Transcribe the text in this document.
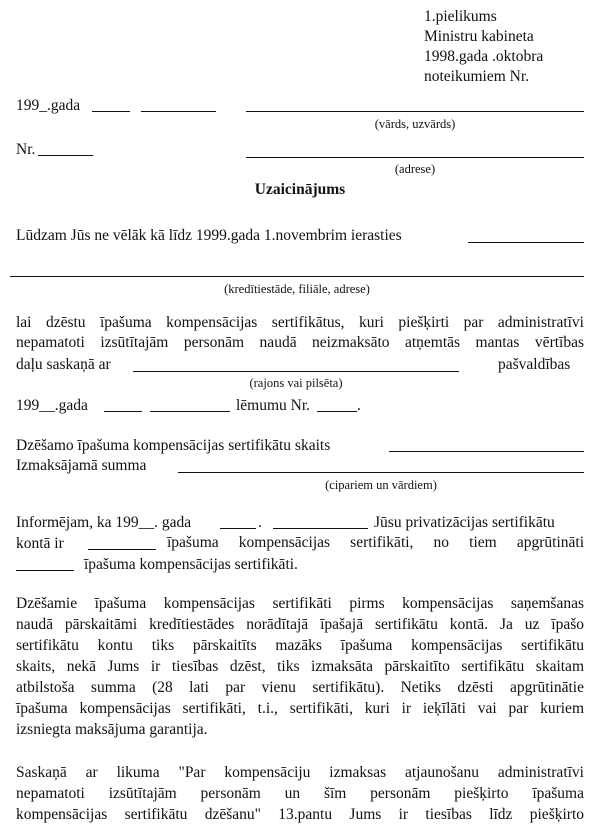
1.pielikums
Ministru kabineta
1998.gada .oktobra
noteikumiem Nr.
199_.gada
(vārds, uzvārds)
Nr.
(adrese)
Uzaicinājums
Lūdzam Jūs ne vēlāk kā līdz 1999.gada 1.novembrim ierasties
(kredītiestāde, filiāle, adrese)
lai dzēstu īpašuma kompensācijas sertifikātus, kuri piešķirti par administratīvi
nepamatoti izsūtītajām personām naudā neizmaksāto atņemtās mantas vērtības
daļu saskaņā ar	pašvaldības
(rajons vai pilsēta)
199__.gada	lēmumu Nr.	.
Dzēšamo īpašuma kompensācijas sertifikātu skaits
Izmaksājamā summa
(cipariem un vārdiem)
Informējam, ka 199__. gada	.	Jūsu privatizācijas sertifikātu
kontā ir	īpašuma kompensācijas sertifikāti, no tiem apgrūtināti
īpašuma kompensācijas sertifikāti.
Dzēšamie īpašuma kompensācijas sertifikāti pirms kompensācijas saņemšanas
naudā pārskaitāmi kredītiestādes norādītajā īpašajā sertifikātu kontā. Ja uz īpašo
sertifikātu kontu tiks pārskaitīts mazāks īpašuma kompensācijas sertifikātu
skaits, nekā Jums ir tiesības dzēst, tiks izmaksāta pārskaitīto sertifikātu skaitam
atbilstoša summa (28 lati par vienu sertifikātu). Netiks dzēsti apgrūtinātie
īpašuma kompensācijas sertifikāti, t.i., sertifikāti, kuri ir ieķīlāti vai par kuriem
izsniegta maksājuma garantija.
Saskaņā ar likuma "Par kompensāciju izmaksas atjaunošanu administratīvi
nepamatoti izsūtītajām personām un šīm personām piešķirto īpašuma
kompensācijas sertifikātu dzēšanu" 13.pantu Jums ir tiesības līdz piešķirto
